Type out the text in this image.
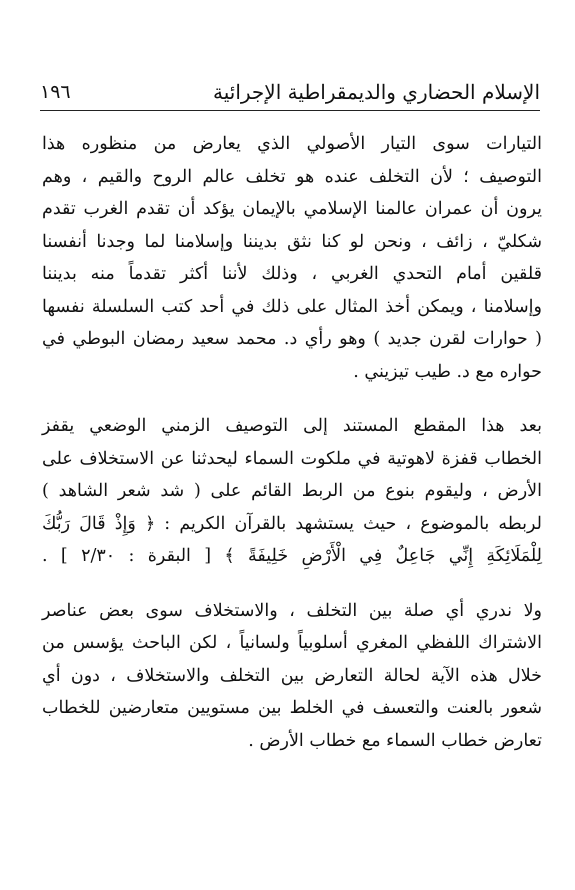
١٩٦	الإسلام الحضاري والديمقراطية الإجرائية
التيارات سوى التيار الأصولي الذي يعارض من منظوره هذا
التوصيف ؛ لأن التخلف عنده هو تخلف عالم الروح والقيم ، وهم
يرون أن عمران عالمنا الإسلامي بالإيمان يؤكد أن تقدم الغرب تقدم
شكليّ ، زائف ، ونحن لو كنا نثق بديننا وإسلامنا لما وجدنا أنفسنا
قلقين أمام التحدي الغربي ، وذلك لأننا أكثر تقدماً منه بديننا
وإسلامنا ، ويمكن أخذ المثال على ذلك في أحد كتب السلسلة نفسها
( حوارات لقرن جديد ) وهو رأي د. محمد سعيد رمضان البوطي في
حواره مع د. طيب تيزيني .
بعد هذا المقطع المستند إلى التوصيف الزمني الوضعي يقفز
الخطاب قفزة لاهوتية في ملكوت السماء ليحدثنا عن الاستخلاف على
الأرض ، وليقوم بنوع من الربط القائم على ( شد شعر الشاهد )
لربطه بالموضوع ، حيث يستشهد بالقرآن الكريم : ﴿ وَإِذْ قَالَ رَبُّكَ
لِلْمَلَائِكَةِ إِنِّي جَاعِلٌ فِي الْأَرْضِ خَلِيفَةً ﴾ [ البقرة : ٢/٣٠ ] .
ولا ندري أي صلة بين التخلف ، والاستخلاف سوى بعض عناصر
الاشتراك اللفظي المغري أسلوبياً ولسانياً ، لكن الباحث يؤسس من
خلال هذه الآية لحالة التعارض بين التخلف والاستخلاف ، دون أي
شعور بالعنت والتعسف في الخلط بين مستويين متعارضين للخطاب
تعارض خطاب السماء مع خطاب الأرض .
